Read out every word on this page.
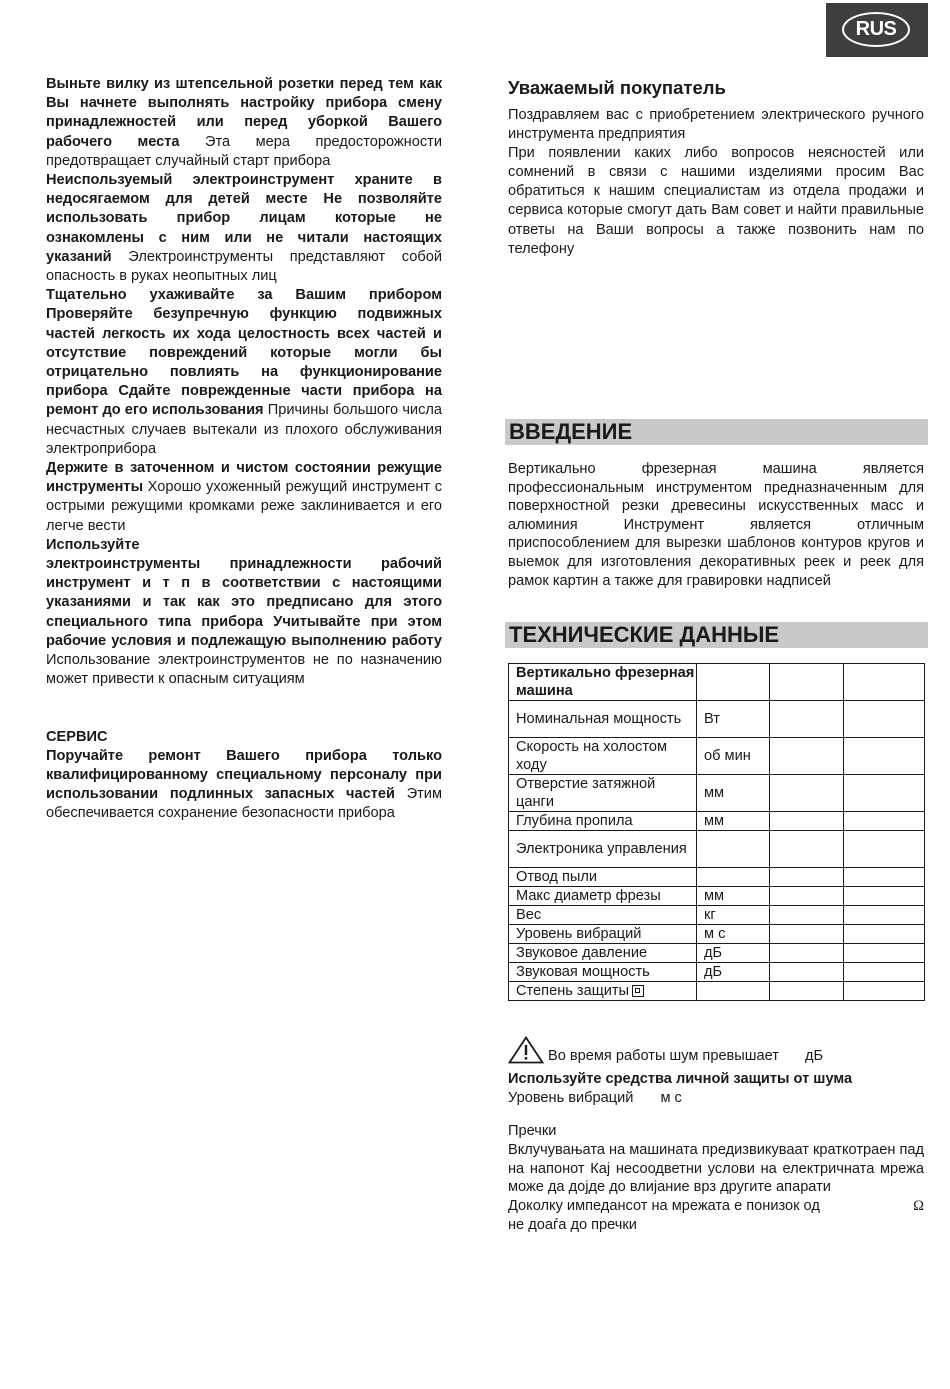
RUS

Выньте вилку из штепсельной розетки перед тем как Вы начнете выполнять настройку прибора смену принадлежностей или перед уборкой Вашего рабочего места Эта мера предосторожности предотвращает случайный старт прибора

Неиспользуемый электроинструмент храните в недосягаемом для детей месте Не позволяйте использовать прибор лицам которые не ознакомлены с ним или не читали настоящих указаний Электроинструменты представляют собой опасность в руках неопытных лиц

Тщательно ухаживайте за Вашим прибором Проверяйте безупречную функцию подвижных частей легкость их хода целостность всех частей и отсутствие повреждений которые могли бы отрицательно повлиять на функционирование прибора Сдайте поврежденные части прибора на ремонт до его использования Причины большого числа несчастных случаев вытекали из плохого обслуживания электроприбора

Держите в заточенном и чистом состоянии режущие инструменты Хорошо ухоженный режущий инструмент с острыми режущими кромками реже заклинивается и его легче вести

Используйте

электроинструменты принадлежности рабочий инструмент и т п в соответствии с настоящими указаниями и так как это предписано для этого специального типа прибора Учитывайте при этом рабочие условия и подлежащую выполнению работу Использование электроинструментов не по назначению может привести к опасным ситуациям

СЕРВИС

Поручайте ремонт Вашего прибора только квалифицированному специальному персоналу при использовании подлинных запасных частей Этим обеспечивается сохранение безопасности прибора

Уважаемый покупатель

Поздравляем вас с приобретением электрического ручного инструмента предприятия

При появлении каких либо вопросов неясностей или сомнений в связи с нашими изделиями просим Вас обратиться к нашим специалистам из отдела продажи и сервиса которые смогут дать Вам совет и найти правильные ответы на Ваши вопросы а также позвонить нам по телефону

ВВЕДЕНИЕ

Вертикально фрезерная машина является профессиональным инструментом предназначенным для поверхностной резки древесины искусственных масс и алюминия Инструмент является отличным приспособлением для вырезки шаблонов контуров кругов и выемок для изготовления декоративных реек и реек для рамок картин а также для гравировки надписей

ТЕХНИЧЕСКИЕ ДАННЫЕ
Вертикально фрезерная машина			
Номинальная мощность	Вт		
Скорость на холостом ходу	об мин		
Отверстие затяжной цанги	мм		
Глубина пропила	мм		
Электроника управления			
Отвод пыли			
Макс диаметр фрезы	мм		
Вес	кг		
Уровень вибраций	м с		
Звуковое давление	дБ		
Звуковая мощность	дБ		
Степень защиты			

Во время работы шум превышает дБ

Используйте средства личной защиты от шума

Уровень вибраций м с

Пречки

Вклучувањата на машината предизвикуваат краткотраен пад на напонот Кај несоодветни услови на електричната мрежа може да дојде до влијание врз другите апарати

Ω
Доколку импедансот на мрежата е понизок од
не доаѓа до пречки
